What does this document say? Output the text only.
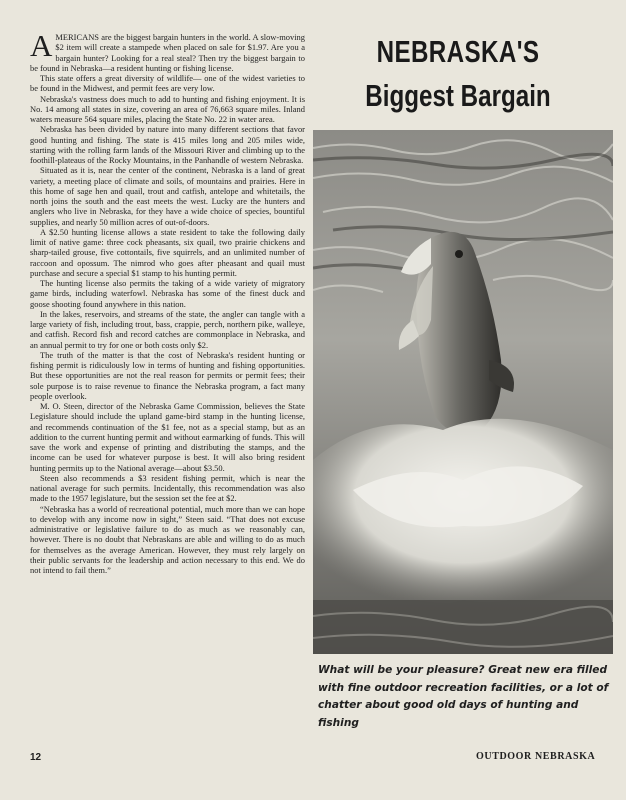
AMERICANS are the biggest bargain hunters in the world. A slow-moving $2 item will create a stampede when placed on sale for $1.97. Are you a bargain hunter? Looking for a real steal? Then try the biggest bargain to be found in Nebraska—a resident hunting or fishing license.

This state offers a great diversity of wildlife— one of the widest varieties to be found in the Midwest, and permit fees are very low.

Nebraska's vastness does much to add to hunting and fishing enjoyment. It is No. 14 among all states in size, covering an area of 76,663 square miles. Inland waters measure 564 square miles, placing the State No. 22 in water area.

Nebraska has been divided by nature into many different sections that favor good hunting and fishing. The state is 415 miles long and 205 miles wide, starting with the rolling farm lands of the Missouri River and climbing up to the foothill-plateaus of the Rocky Mountains, in the Panhandle of western Nebraska.

Situated as it is, near the center of the continent, Nebraska is a land of great variety, a meeting place of climate and soils, of mountains and prairies. Here in this home of sage hen and quail, trout and catfish, antelope and whitetails, the north joins the south and the east meets the west. Lucky are the hunters and anglers who live in Nebraska, for they have a wide choice of species, bountiful supplies, and nearly 50 million acres of out-of-doors.

A $2.50 hunting license allows a state resident to take the following daily limit of native game: three cock pheasants, six quail, two prairie chickens and sharp-tailed grouse, five cottontails, five squirrels, and an unlimited number of raccoon and opossum. The nimrod who goes after pheasant and quail must purchase and secure a special $1 stamp to his hunting permit.

The hunting license also permits the taking of a wide variety of migratory game birds, including waterfowl. Nebraska has some of the finest duck and goose shooting found anywhere in this nation.

In the lakes, reservoirs, and streams of the state, the angler can tangle with a large variety of fish, including trout, bass, crappie, perch, northern pike, walleye, and catfish. Record fish and record catches are commonplace in Nebraska, and an annual permit to try for one or both costs only $2.

The truth of the matter is that the cost of Nebraska's resident hunting or fishing permit is ridiculously low in terms of hunting and fishing opportunities. But these opportunities are not the real reason for permits or permit fees; their sole purpose is to raise revenue to finance the Nebraska program, a fact many people overlook.

M. O. Steen, director of the Nebraska Game Commission, believes the State Legislature should include the upland game-bird stamp in the hunting license, and recommends continuation of the $1 fee, not as a special stamp, but as an addition to the current hunting permit and without earmarking of funds. This will save the work and expense of printing and distributing the stamps, and the income can be used for whatever purpose is best. It will also bring resident hunting permits up to the National average—about $3.50.

Steen also recommends a $3 resident fishing permit, which is near the national average for such permits. Incidentally, this recommendation was also made to the 1957 legislature, but the session set the fee at $2.

“Nebraska has a world of recreational potential, much more than we can hope to develop with any income now in sight,” Steen said. “That does not excuse administrative or legislative failure to do as much as we reasonably can, however. There is no doubt that Nebraskans are able and willing to do as much for themselves as the average American. However, they must rely largely on their public servants for the leadership and action necessary to this end. We do not intend to fail them.”

NEBRASKA'S
Biggest Bargain
What will be your pleasure? Great new era filled with fine outdoor recreation facilities, or a lot of chatter about good old days of hunting and fishing
12	OUTDOOR NEBRASKA
